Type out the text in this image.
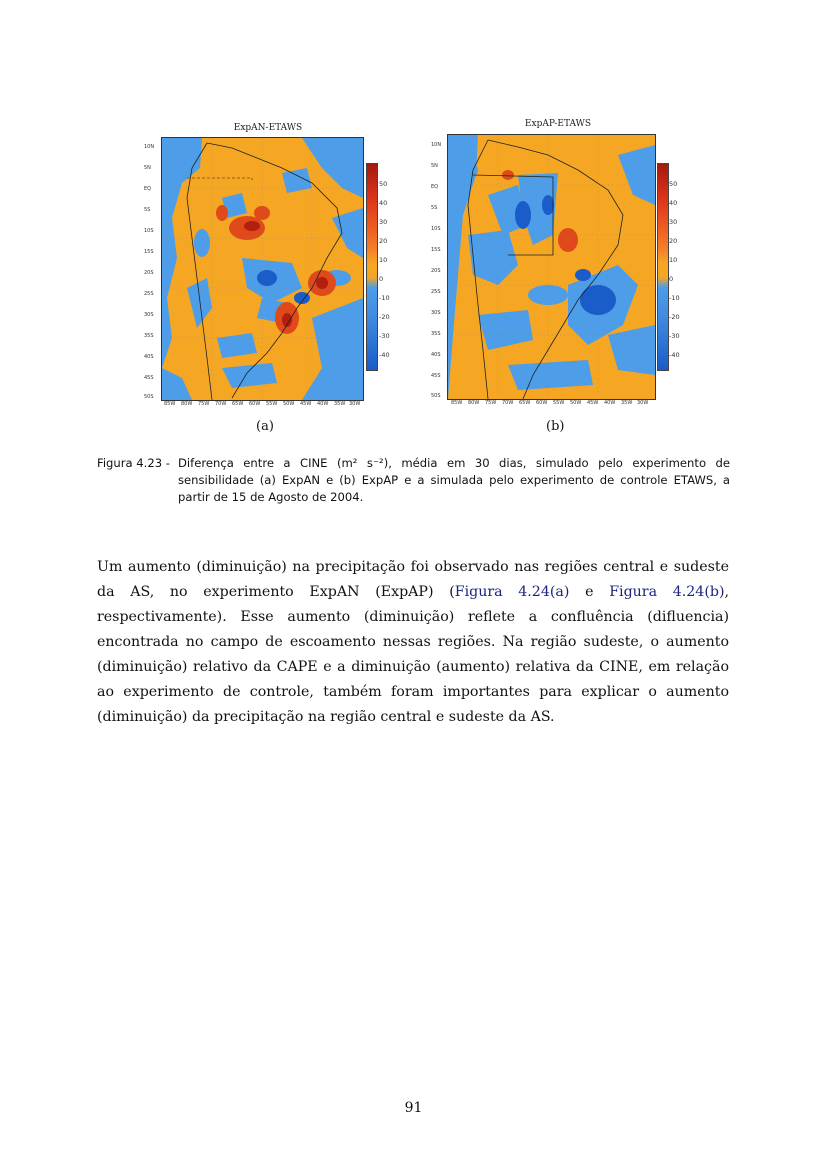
ExpAN-ETAWS
50
40
30
20
10
0
-10
-20
-30
-40
10N
5N
EQ
5S
10S
15S
20S
25S
30S
35S
40S
45S
50S
85W 80W 75W 70W 65W 60W 55W 50W 45W 40W 35W 30W
(a)
ExpAP-ETAWS
50
40
30
20
10
0
-10
-20
-30
-40
10N
5N
EQ
5S
10S
15S
20S
25S
30S
35S
40S
45S
50S
85W 80W 75W 70W 65W 60W 55W 50W 45W 40W 35W 30W
(b)
Figura 4.23 - Diferença entre a CINE (m² s⁻²), média em 30 dias, simulado pelo experimento de sensibilidade (a) ExpAN e (b) ExpAP e a simulada pelo experimento de controle ETAWS, a partir de 15 de Agosto de 2004.
Um aumento (diminuição) na precipitação foi observado nas regiões central e sudeste da AS, no experimento ExpAN (ExpAP) (Figura 4.24(a) e Figura 4.24(b), respectivamente). Esse aumento (diminuição) reflete a confluência (difluencia) encontrada no campo de escoamento nessas regiões. Na região sudeste, o aumento (diminuição) relativo da CAPE e a diminuição (aumento) relativa da CINE, em relação ao experimento de controle, também foram importantes para explicar o aumento (diminuição) da precipitação na região central e sudeste da AS.
91
